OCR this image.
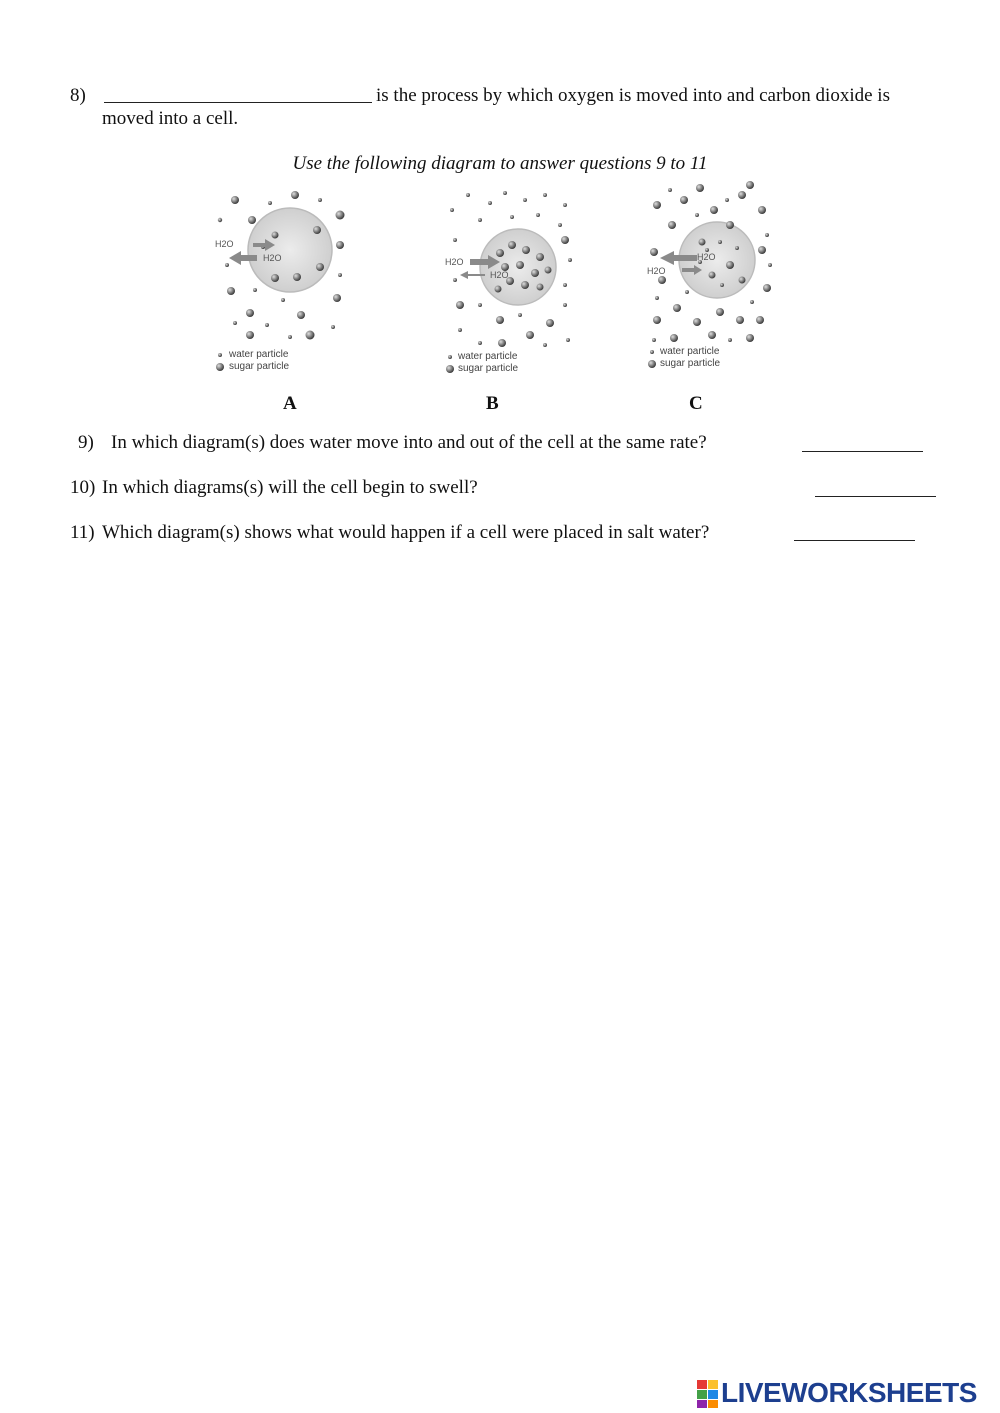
8)	is the process by which oxygen is moved into and carbon dioxide is
moved into a cell.
Use the following diagram to answer questions 9 to 11
H2O
H2O
water particle
sugar particle
A
H2O
H2O
water particle
sugar particle
B
H2O
H2O
water particle
sugar particle
C
9) In which diagram(s) does water move into and out of the cell at the same rate?
10) In which diagrams(s) will the cell begin to swell?
11) Which diagram(s) shows what would happen if a cell were placed in salt water?
LIVEWORKSHEETS
